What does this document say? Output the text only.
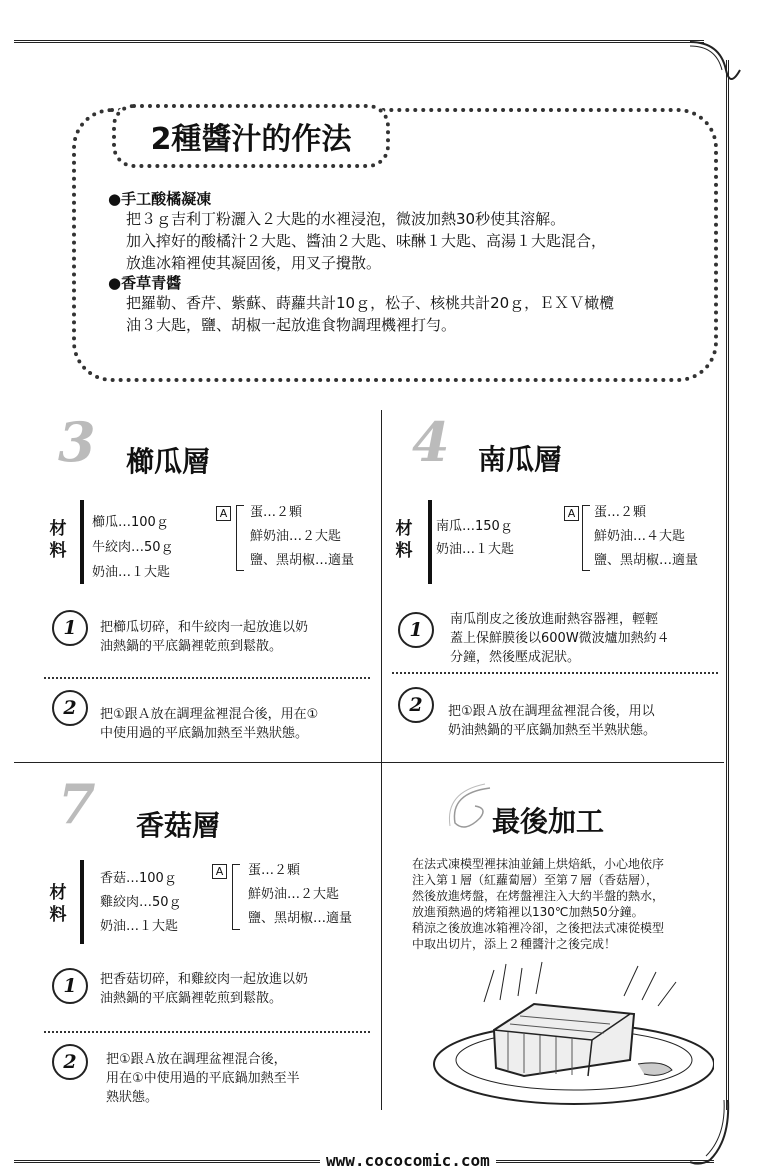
2種醬汁的作法
●手工酸橘凝凍
把３ｇ吉利丁粉灑入２大匙的水裡浸泡，微波加熱30秒使其溶解。
加入搾好的酸橘汁２大匙、醬油２大匙、味醂１大匙、高湯１大匙混合，
放進冰箱裡使其凝固後，用叉子攪散。
●香草青醬
把羅勒、香芹、紫蘇、蒔蘿共計10ｇ，松子、核桃共計20ｇ，ＥＸＶ橄欖
油３大匙，鹽、胡椒一起放進食物調理機裡打勻。
3 櫛瓜層
材料
櫛瓜…100ｇ
牛絞肉…50ｇ
奶油…１大匙
A 蛋…２顆
鮮奶油…２大匙
鹽、黑胡椒…適量
1	把櫛瓜切碎，和牛絞肉一起放進以奶
油熱鍋的平底鍋裡乾煎到鬆散。
2	把①跟Ａ放在調理盆裡混合後，用在①
中使用過的平底鍋加熱至半熟狀態。
4 南瓜層
材料
南瓜…150ｇ
奶油…１大匙
A 蛋…２顆
鮮奶油…４大匙
鹽、黑胡椒…適量
1	南瓜削皮之後放進耐熱容器裡，輕輕
蓋上保鮮膜後以600W微波爐加熱約４
分鐘，然後壓成泥狀。
2	把①跟Ａ放在調理盆裡混合後，用以
奶油熱鍋的平底鍋加熱至半熟狀態。
7 香菇層
材料
香菇…100ｇ
雞絞肉…50ｇ
奶油…１大匙
A 蛋…２顆
鮮奶油…２大匙
鹽、黑胡椒…適量
1	把香菇切碎，和雞絞肉一起放進以奶
油熱鍋的平底鍋裡乾煎到鬆散。
2	把①跟Ａ放在調理盆裡混合後，
用在①中使用過的平底鍋加熱至半
熟狀態。
最後加工
在法式凍模型裡抹油並鋪上烘焙紙，小心地依序
注入第１層（紅蘿蔔層）至第７層（香菇層），
然後放進烤盤，在烤盤裡注入大約半盤的熱水，
放進預熱過的烤箱裡以130℃加熱50分鐘。
稍涼之後放進冰箱裡冷卻，之後把法式凍從模型
中取出切片，添上２種醬汁之後完成！
www.cococomic.com
